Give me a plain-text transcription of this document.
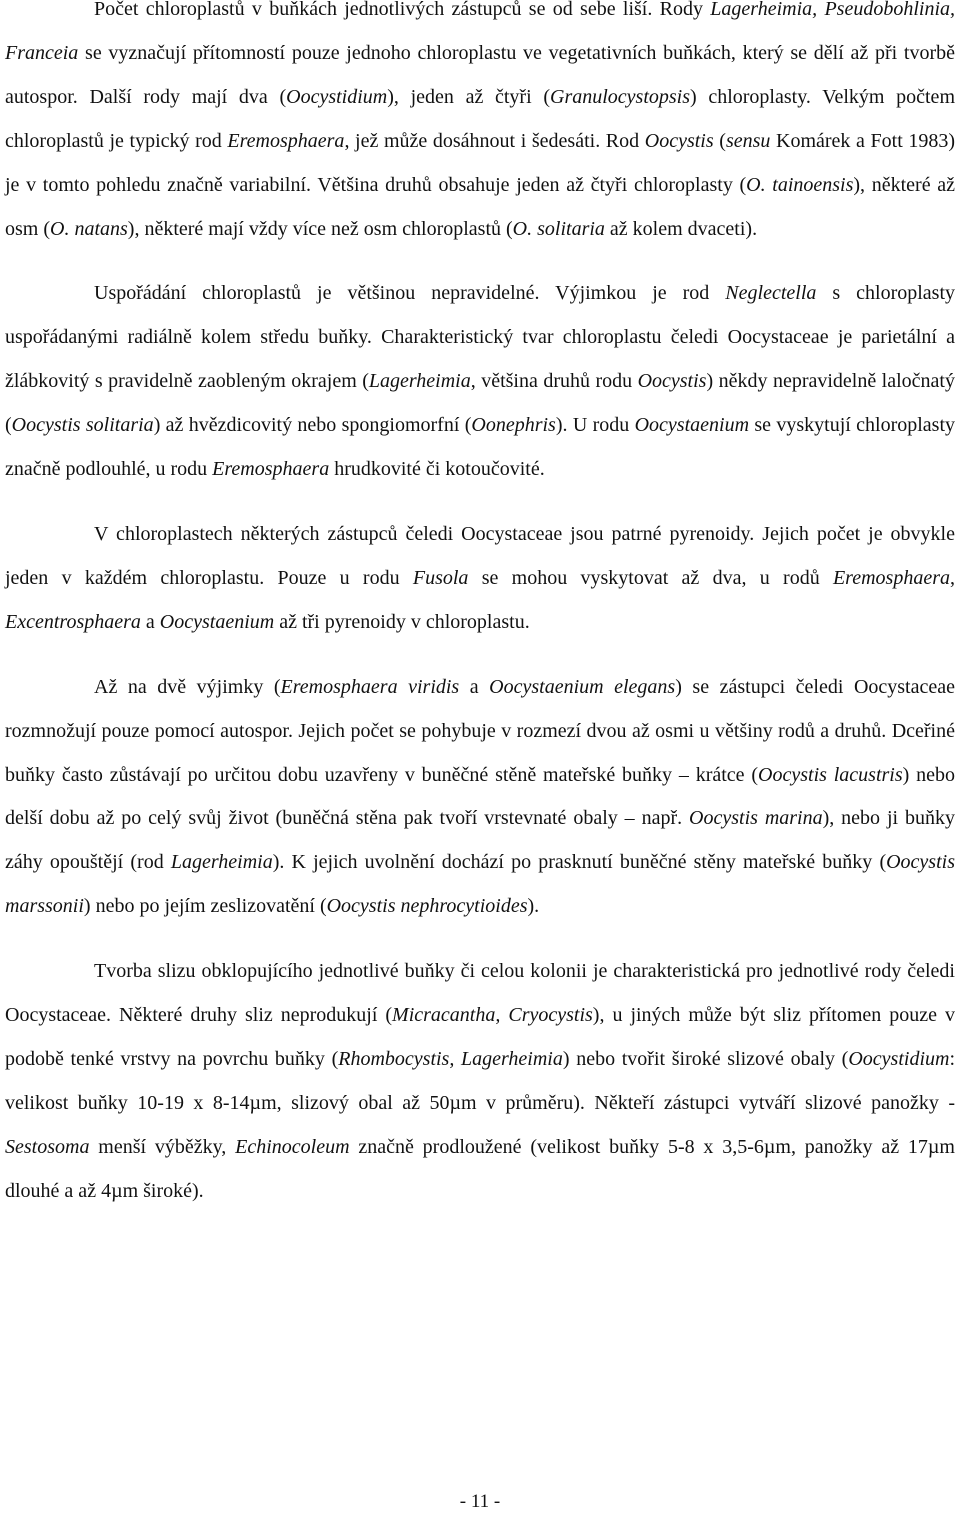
Počet chloroplastů v buňkách jednotlivých zástupců se od sebe liší. Rody Lagerheimia, Pseudobohlinia, Franceia se vyznačují přítomností pouze jednoho chloroplastu ve vegetativních buňkách, který se dělí až při tvorbě autospor. Další rody mají dva (Oocystidium), jeden až čtyři (Granulocystopsis) chloroplasty. Velkým počtem chloroplastů je typický rod Eremosphaera, jež může dosáhnout i šedesáti. Rod Oocystis (sensu Komárek a Fott 1983) je v tomto pohledu značně variabilní. Většina druhů obsahuje jeden až čtyři chloroplasty (O. tainoensis), některé až osm (O. natans), některé mají vždy více než osm chloroplastů (O. solitaria až kolem dvaceti).

Uspořádání chloroplastů je většinou nepravidelné. Výjimkou je rod Neglectella s chloroplasty uspořádanými radiálně kolem středu buňky. Charakteristický tvar chloroplastu čeledi Oocystaceae je parietální a žlábkovitý s pravidelně zaobleným okrajem (Lagerheimia, většina druhů rodu Oocystis) někdy nepravidelně laločnatý (Oocystis solitaria) až hvězdicovitý nebo spongiomorfní (Oonephris). U rodu Oocystaenium se vyskytují chloroplasty značně podlouhlé, u rodu Eremosphaera hrudkovité či kotoučovité.

V chloroplastech některých zástupců čeledi Oocystaceae jsou patrné pyrenoidy. Jejich počet je obvykle jeden v každém chloroplastu. Pouze u rodu Fusola se mohou vyskytovat až dva, u rodů Eremosphaera, Excentrosphaera a Oocystaenium až tři pyrenoidy v chloroplastu.

Až na dvě výjimky (Eremosphaera viridis a Oocystaenium elegans) se zástupci čeledi Oocystaceae rozmnožují pouze pomocí autospor. Jejich počet se pohybuje v rozmezí dvou až osmi u většiny rodů a druhů. Dceřiné buňky často zůstávají po určitou dobu uzavřeny v buněčné stěně mateřské buňky – krátce (Oocystis lacustris) nebo delší dobu až po celý svůj život (buněčná stěna pak tvoří vrstevnaté obaly – např. Oocystis marina), nebo ji buňky záhy opouštějí (rod Lagerheimia). K jejich uvolnění dochází po prasknutí buněčné stěny mateřské buňky (Oocystis marssonii) nebo po jejím zeslizovatění (Oocystis nephrocytioides).

Tvorba slizu obklopujícího jednotlivé buňky či celou kolonii je charakteristická pro jednotlivé rody čeledi Oocystaceae. Některé druhy sliz neprodukují (Micracantha, Cryocystis), u jiných může být sliz přítomen pouze v podobě tenké vrstvy na povrchu buňky (Rhombocystis, Lagerheimia) nebo tvořit široké slizové obaly (Oocystidium: velikost buňky 10-19 x 8-14µm, slizový obal až 50µm v průměru). Někteří zástupci vytváří slizové panožky - Sestosoma menší výběžky, Echinocoleum značně prodloužené (velikost buňky 5-8 x 3,5-6µm, panožky až 17µm dlouhé a až 4µm široké).

- 11 -
